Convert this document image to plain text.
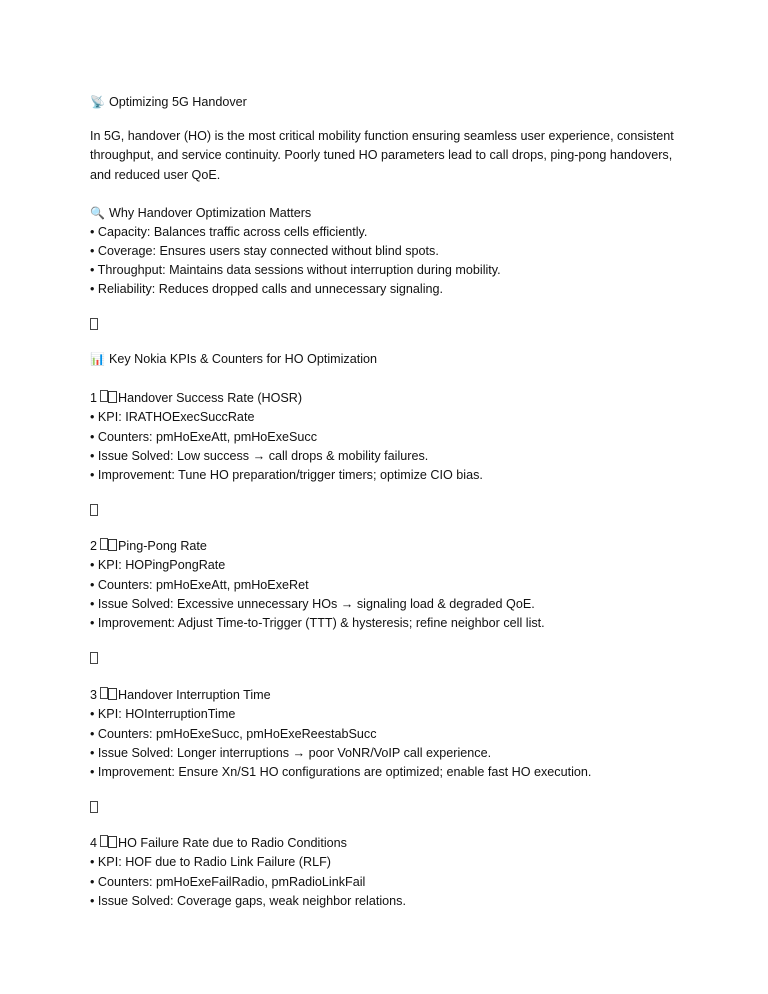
📡 Optimizing 5G Handover
In 5G, handover (HO) is the most critical mobility function ensuring seamless user experience, consistent
throughput, and service continuity. Poorly tuned HO parameters lead to call drops, ping-pong handovers,
and reduced user QoE.
🔍 Why Handover Optimization Matters
• Capacity: Balances traffic across cells efficiently.
• Coverage: Ensures users stay connected without blind spots.
• Throughput: Maintains data sessions without interruption during mobility.
• Reliability: Reduces dropped calls and unnecessary signaling.
📊 Key Nokia KPIs & Counters for HO Optimization
1 Handover Success Rate (HOSR)
• KPI: IRATHOExecSuccRate
• Counters: pmHoExeAtt, pmHoExeSucc
• Issue Solved: Low success → call drops & mobility failures.
• Improvement: Tune HO preparation/trigger timers; optimize CIO bias.
2 Ping-Pong Rate
• KPI: HOPingPongRate
• Counters: pmHoExeAtt, pmHoExeRet
• Issue Solved: Excessive unnecessary HOs → signaling load & degraded QoE.
• Improvement: Adjust Time-to-Trigger (TTT) & hysteresis; refine neighbor cell list.
3 Handover Interruption Time
• KPI: HOInterruptionTime
• Counters: pmHoExeSucc, pmHoExeReestabSucc
• Issue Solved: Longer interruptions → poor VoNR/VoIP call experience.
• Improvement: Ensure Xn/S1 HO configurations are optimized; enable fast HO execution.
4 HO Failure Rate due to Radio Conditions
• KPI: HOF due to Radio Link Failure (RLF)
• Counters: pmHoExeFailRadio, pmRadioLinkFail
• Issue Solved: Coverage gaps, weak neighbor relations.
